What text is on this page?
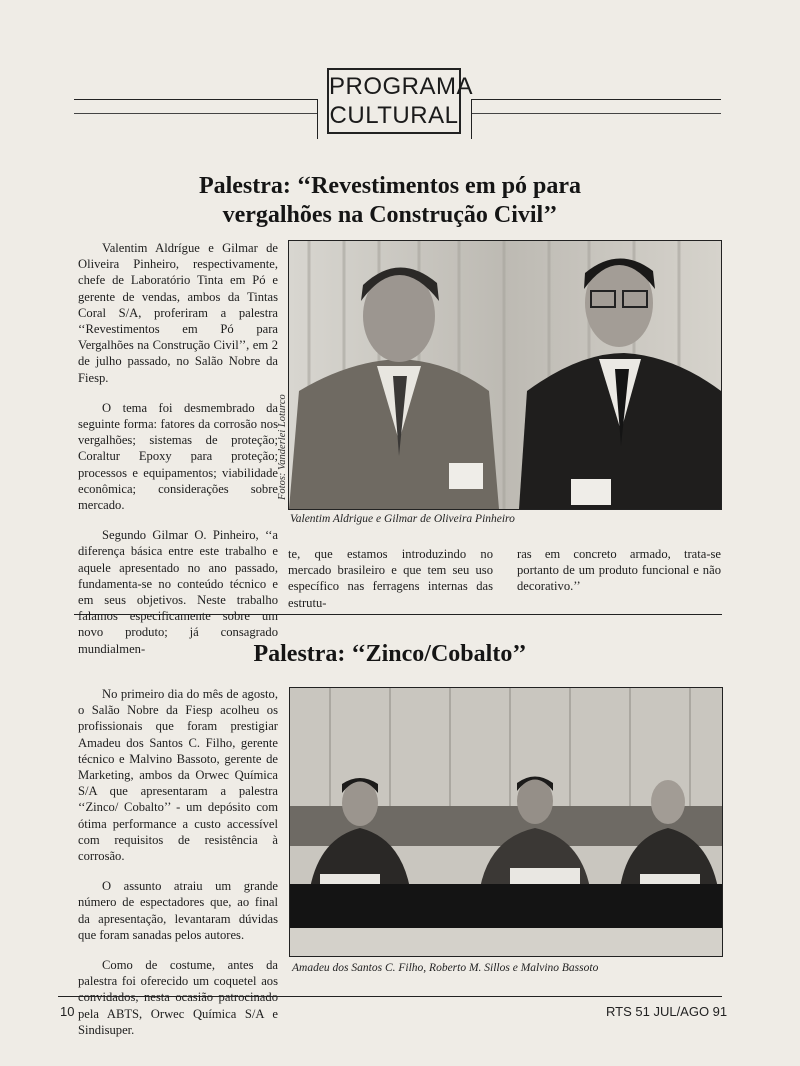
PROGRAMA
CULTURAL
Palestra: ‘‘Revestimentos em pó para
vergalhões na Construção Civil’’

Valentim Aldrígue e Gilmar de Oliveira Pinheiro, respectivamente, chefe de Laboratório Tinta em Pó e gerente de vendas, ambos da Tintas Coral S/A, proferiram a palestra ‘‘Revestimentos em Pó para Vergalhões na Construção Civil’’, em 2 de julho passado, no Salão Nobre da Fiesp.

O tema foi desmembrado da seguinte forma: fatores da corrosão nos vergalhões; sistemas de proteção; Coraltur Epoxy para proteção; processos e equipamentos; viabilidade econômica; considerações sobre mercado.

Segundo Gilmar O. Pinheiro, ‘‘a diferença básica entre este trabalho e aquele apresentado no ano passado, fundamenta-se no conteúdo técnico e em seus objetivos. Neste trabalho falamos especificamente sobre um novo produto; já consagrado mundialmen-

Fotos: Vanderlei Loturco
Valentim Aldrigue e Gilmar de Oliveira Pinheiro

te, que estamos introduzindo no mercado brasileiro e que tem seu uso específico nas ferragens internas das estrutu-

ras em concreto armado, trata-se portanto de um produto funcional e não decorativo.’’

Palestra: ‘‘Zinco/Cobalto’’

No primeiro dia do mês de agosto, o Salão Nobre da Fiesp acolheu os profissionais que foram prestigiar Amadeu dos Santos C. Filho, gerente técnico e Malvino Bassoto, gerente de Marketing, ambos da Orwec Química S/A que apresentaram a palestra ‘‘Zinco/ Cobalto’’ - um depósito com ótima performance a custo accessível com requisitos de resistência à corrosão.

O assunto atraiu um grande número de espectadores que, ao final da apresentação, levantaram dúvidas que foram sanadas pelos autores.

Como de costume, antes da palestra foi oferecido um coquetel aos convidados, nesta ocasião patrocinado pela ABTS, Orwec Química S/A e Sindisuper.

Amadeu dos Santos C. Filho, Roberto M. Sillos e Malvino Bassoto
10	RTS 51 JUL/AGO 91
